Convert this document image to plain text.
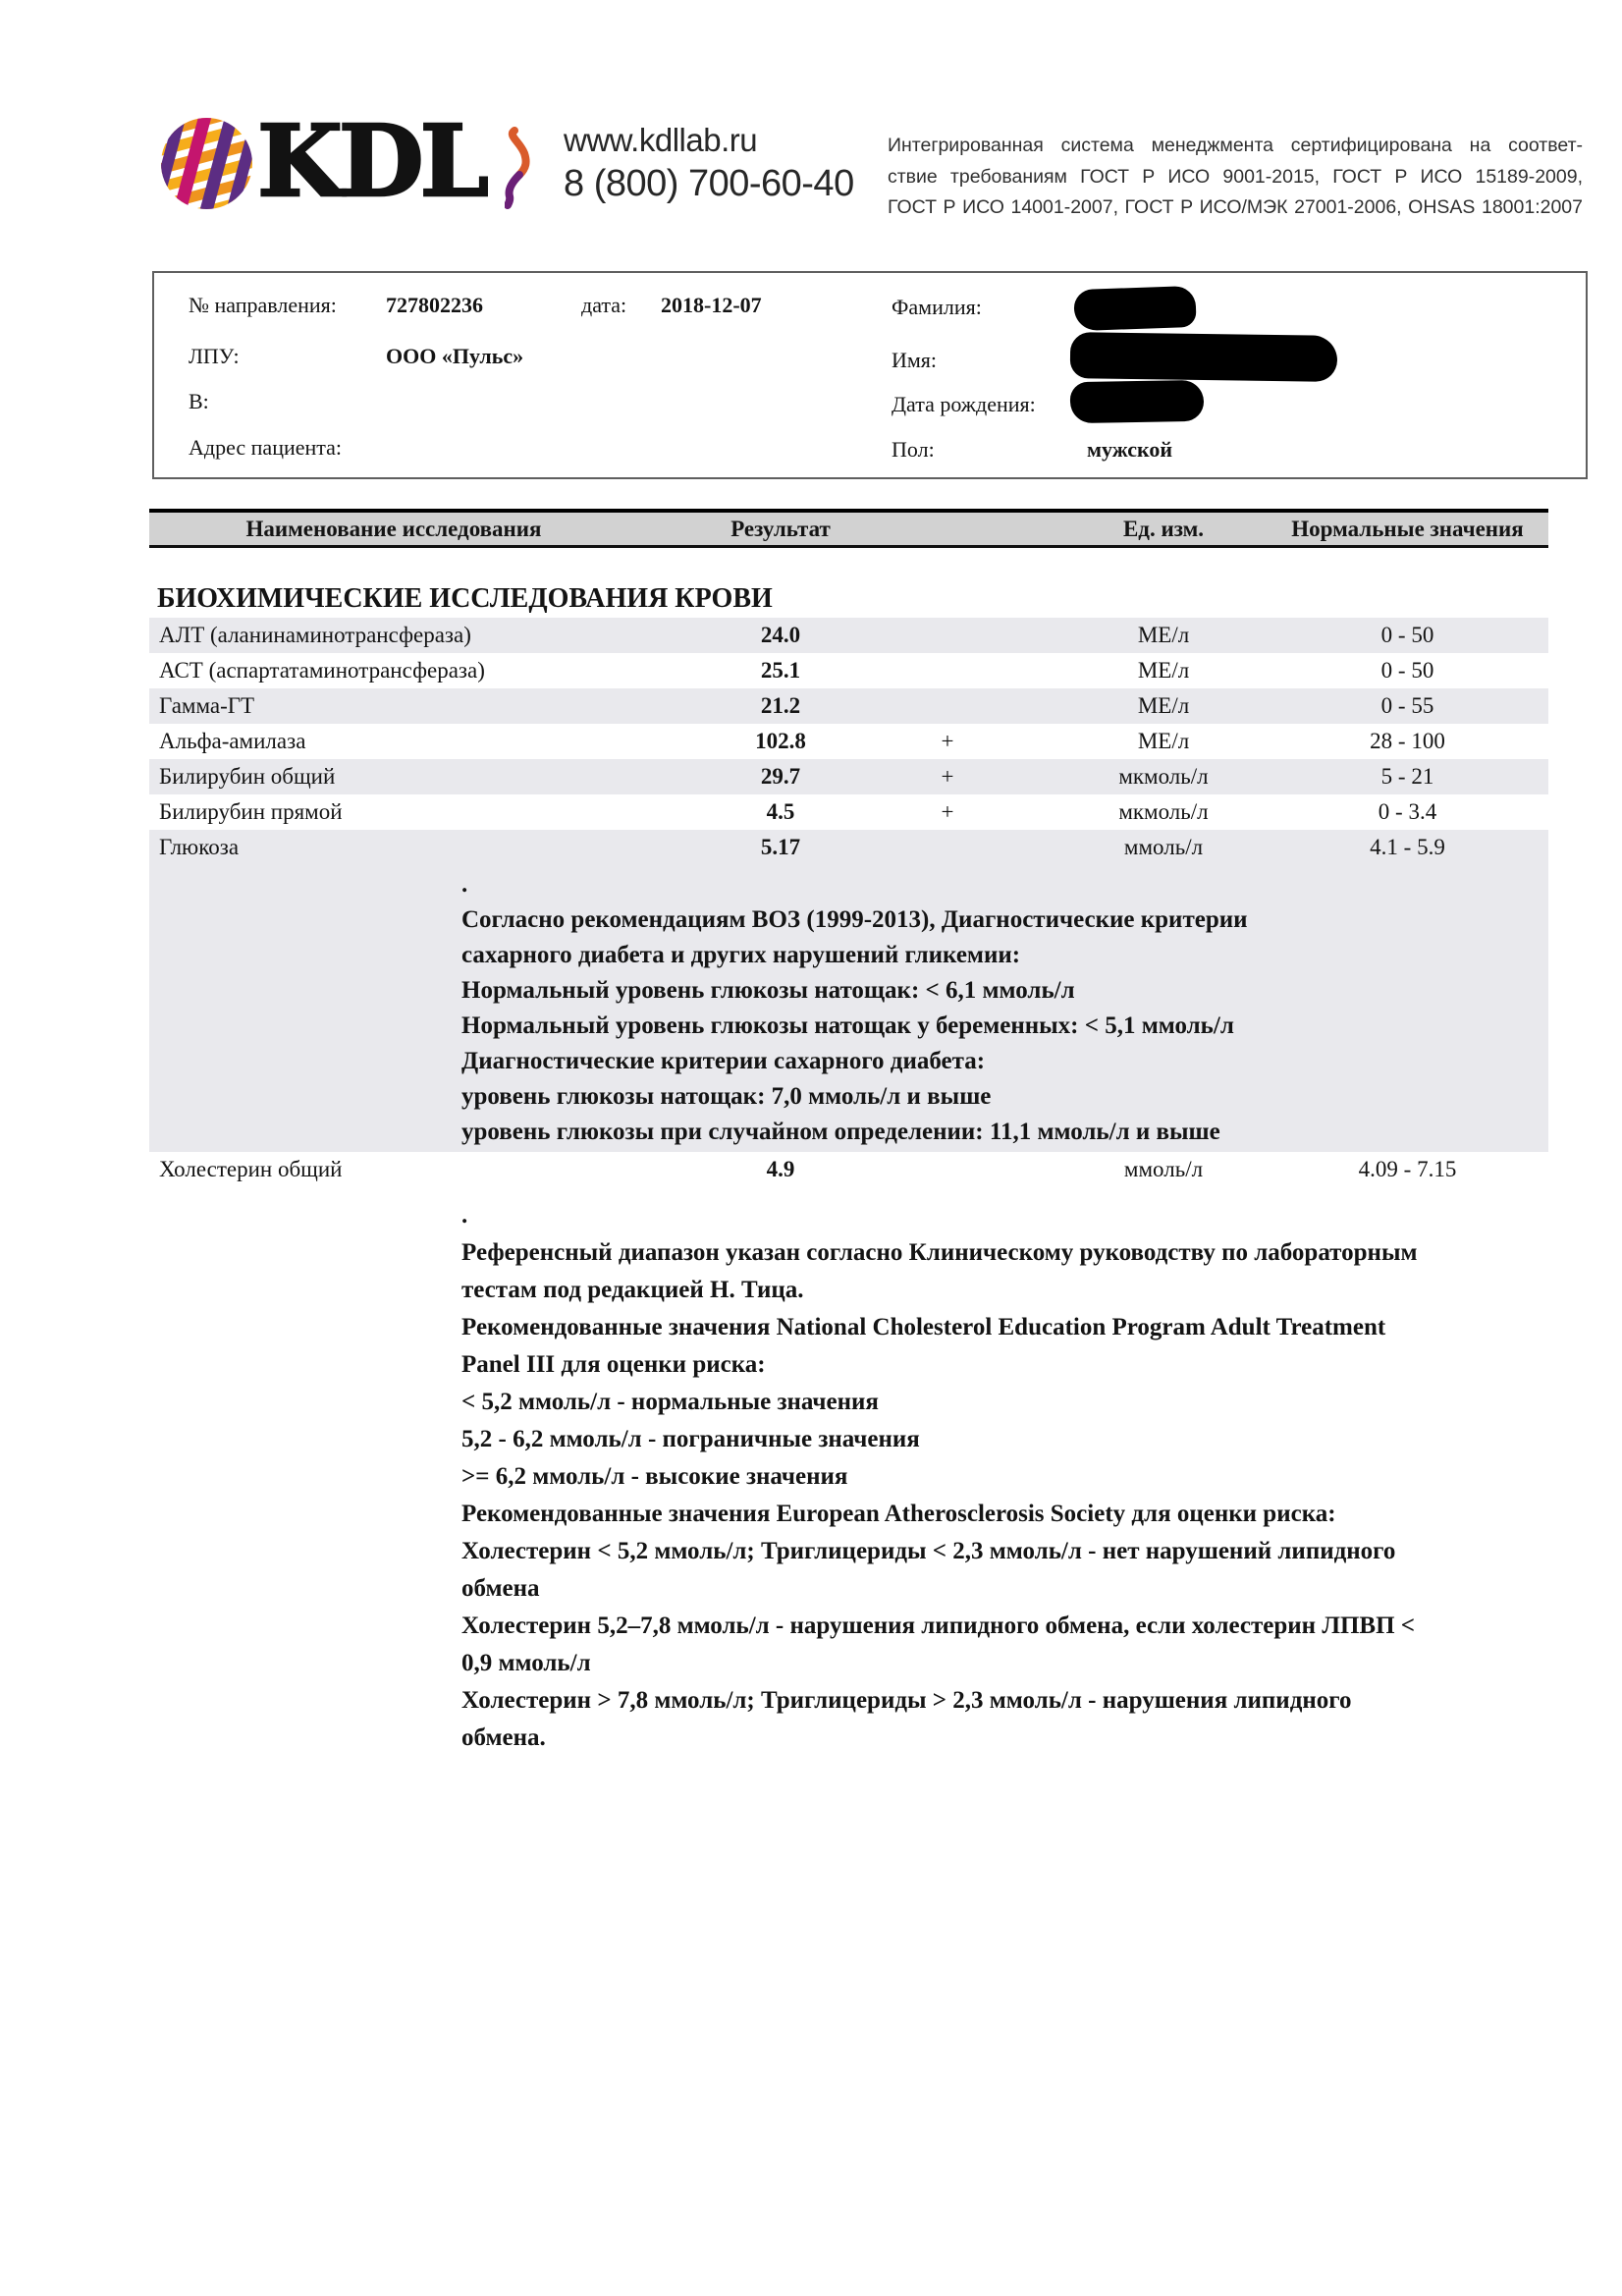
KDL www.kdllab.ru
8 (800) 700-60-40
Интегрированная система менеджмента сертифицирована на соответ-
ствие требованиям ГОСТ Р ИСО 9001-2015, ГОСТ Р ИСО 15189-2009,
ГОСТ Р ИСО 14001-2007, ГОСТ Р ИСО/МЭК 27001-2006, OHSAS 18001:2007
№ направления: 727802236	дата: 2018-12-07
ЛПУ:	ООО «Пульс»
В:
Адрес пациента:
Фамилия:
Имя:
Дата рождения:
Пол:	мужской
Наименование исследования	Результат	Ед. изм.	Нормальные значения
БИОХИМИЧЕСКИЕ ИССЛЕДОВАНИЯ КРОВИ
АЛТ (аланинаминотрансфераза)	24.0	МЕ/л	0 - 50
АСТ (аспартатаминотрансфераза)	25.1	МЕ/л	0 - 50
Гамма-ГТ	21.2	МЕ/л	0 - 55
Альфа-амилаза	102.8	+	МЕ/л	28 - 100
Билирубин общий	29.7	+	мкмоль/л	5 - 21
Билирубин прямой	4.5	+	мкмоль/л	0 - 3.4
Глюкоза	5.17	ммоль/л	4.1 - 5.9
.
Согласно рекомендациям ВОЗ (1999-2013), Диагностические критерии
сахарного диабета и других нарушений гликемии:
Нормальный уровень глюкозы натощак: < 6,1 ммоль/л
Нормальный уровень глюкозы натощак у беременных: < 5,1 ммоль/л
Диагностические критерии сахарного диабета:
уровень глюкозы натощак: 7,0 ммоль/л и выше
уровень глюкозы при случайном определении: 11,1 ммоль/л и выше
Холестерин общий	4.9	ммоль/л	4.09 - 7.15
.
Референсный диапазон указан согласно Клиническому руководству по лабораторным
тестам под редакцией Н. Тица.
Рекомендованные значения National Cholesterol Education Program Adult Treatment
Panel III для оценки риска:
< 5,2 ммоль/л - нормальные значения
5,2 - 6,2 ммоль/л - пограничные значения
>= 6,2 ммоль/л - высокие значения
Рекомендованные значения European Atherosclerosis Society для оценки риска:
Холестерин < 5,2 ммоль/л; Триглицериды < 2,3 ммоль/л - нет нарушений липидного
обмена
Холестерин 5,2–7,8 ммоль/л - нарушения липидного обмена, если холестерин ЛПВП <
0,9 ммоль/л
Холестерин > 7,8 ммоль/л; Триглицериды > 2,3 ммоль/л - нарушения липидного
обмена.
